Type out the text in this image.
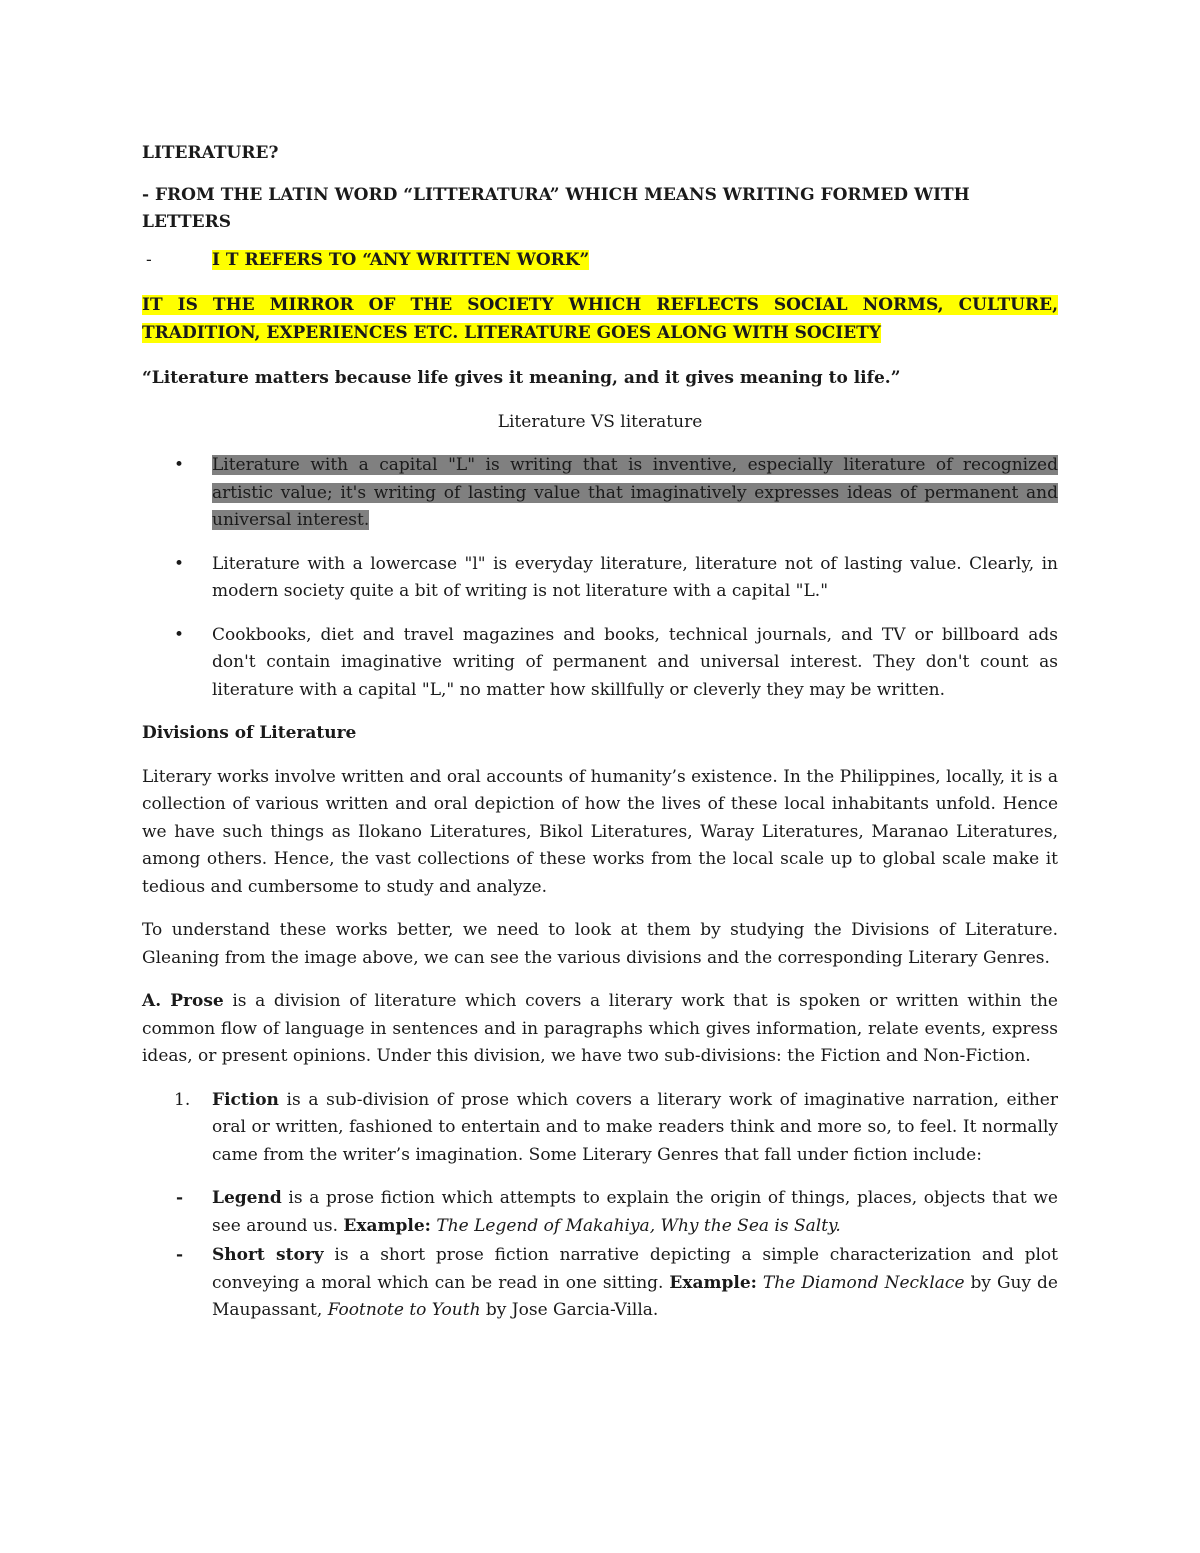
LITERATURE?

- FROM THE LATIN WORD “LITTERATURA” WHICH MEANS WRITING FORMED WITH LETTERS

-	I T REFERS TO “ANY WRITTEN WORK”

IT IS THE MIRROR OF THE SOCIETY WHICH REFLECTS SOCIAL NORMS, CULTURE, TRADITION, EXPERIENCES ETC. LITERATURE GOES ALONG WITH SOCIETY

“Literature matters because life gives it meaning, and it gives meaning to life.”

Literature VS literature

• Literature with a capital "L" is writing that is inventive, especially literature of recognized artistic value; it's writing of lasting value that imaginatively expresses ideas of permanent and universal interest.
• Literature with a lowercase "l" is everyday literature, literature not of lasting value. Clearly, in modern society quite a bit of writing is not literature with a capital "L."
• Cookbooks, diet and travel magazines and books, technical journals, and TV or billboard ads don't contain imaginative writing of permanent and universal interest. They don't count as literature with a capital "L," no matter how skillfully or cleverly they may be written.

Divisions of Literature

Literary works involve written and oral accounts of humanity’s existence. In the Philippines, locally, it is a collection of various written and oral depiction of how the lives of these local inhabitants unfold. Hence we have such things as Ilokano Literatures, Bikol Literatures, Waray Literatures, Maranao Literatures, among others. Hence, the vast collections of these works from the local scale up to global scale make it tedious and cumbersome to study and analyze.

To understand these works better, we need to look at them by studying the Divisions of Literature. Gleaning from the image above, we can see the various divisions and the corresponding Literary Genres.

A. Prose is a division of literature which covers a literary work that is spoken or written within the common flow of language in sentences and in paragraphs which gives information, relate events, express ideas, or present opinions. Under this division, we have two sub-divisions: the Fiction and Non-Fiction.

1. Fiction is a sub-division of prose which covers a literary work of imaginative narration, either oral or written, fashioned to entertain and to make readers think and more so, to feel. It normally came from the writer’s imagination. Some Literary Genres that fall under fiction include:
- Legend is a prose fiction which attempts to explain the origin of things, places, objects that we see around us. Example: The Legend of Makahiya, Why the Sea is Salty.
- Short story is a short prose fiction narrative depicting a simple characterization and plot conveying a moral which can be read in one sitting. Example: The Diamond Necklace by Guy de Maupassant, Footnote to Youth by Jose Garcia-Villa.
